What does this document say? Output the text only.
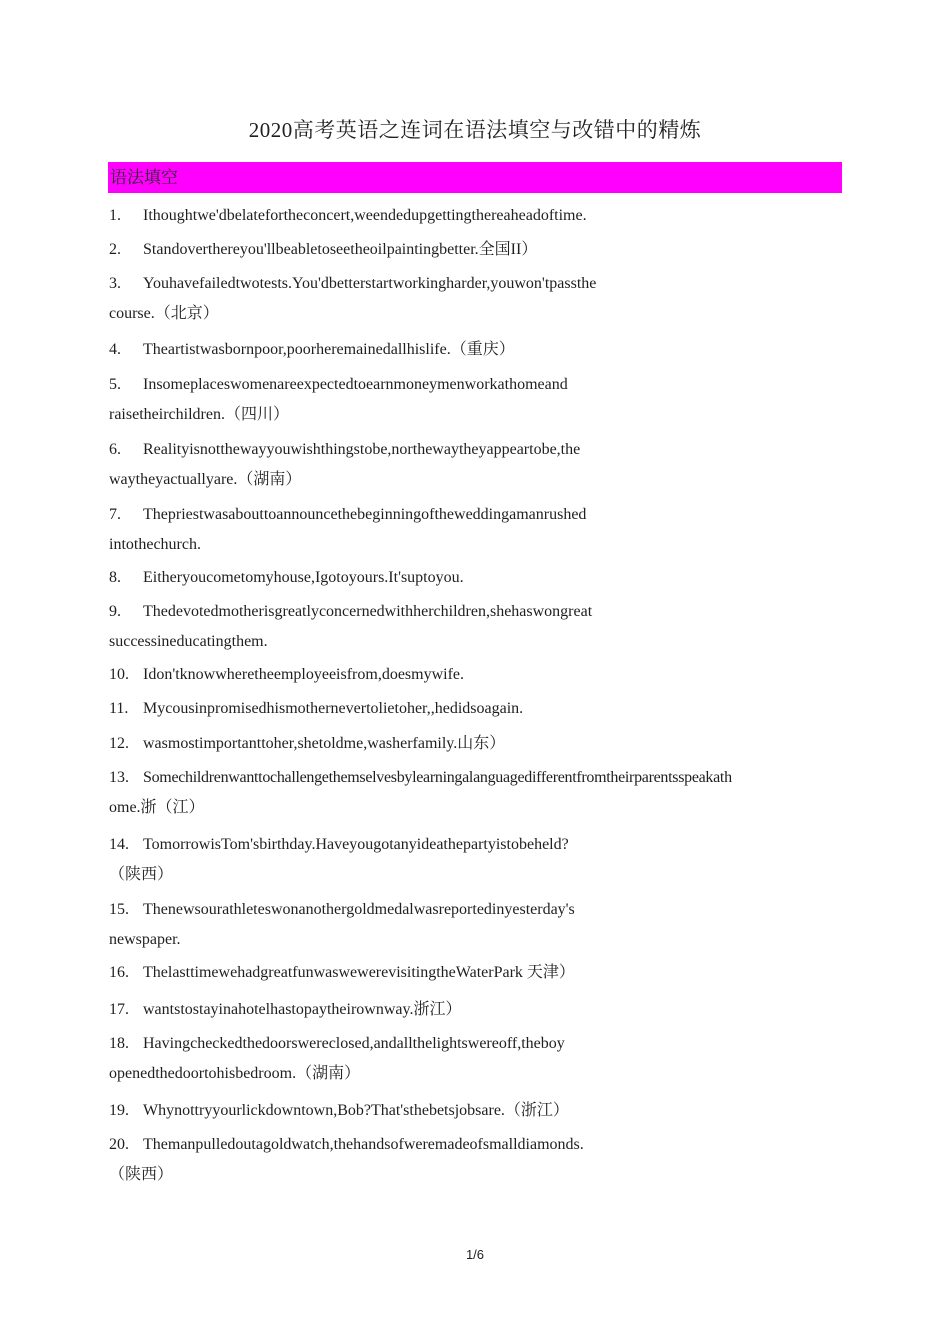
2020高考英语之连词在语法填空与改错中的精炼
语法填空
1. Ithoughtwe'dbelatefortheconcert,weendedupgettingthereaheadoftime.
2. Standoverthereyou'llbeabletoseetheoilpaintingbetter.全国II）
3. Youhavefailedtwotests.You'dbetterstartworkingharder,youwon'tpassthe
course.（北京）
4. Theartistwasbornpoor,poorheremainedallhislife.（重庆）
5. Insomeplaceswomenareexpectedtoearnmoneymenworkathomeand
raisetheirchildren.（四川）
6. Realityisnotthewayyouwishthingstobe,northewaytheyappeartobe,the
waytheyactuallyare.（湖南）
7. Thepriestwasabouttoannouncethebeginningoftheweddingamanrushed
intothechurch.
8. Eitheryoucometomyhouse,Igotoyours.It'suptoyou.
9. Thedevotedmotherisgreatlyconcernedwithherchildren,shehaswongreat
successineducatingthem.
10. Idon'tknowwheretheemployeeisfrom,doesmywife.
11. Mycousinpromisedhismothernevertolietoher,,hedidsoagain.
12. wasmostimportanttoher,shetoldme,washerfamily.山东）
13. Somechildrenwanttochallengethemselvesbylearningalanguagedifferentfromtheirparentsspeakath
ome.浙（江）
14. TomorrowisTom'sbirthday.Haveyougotanyideathepartyistobeheld?
（陕西）
15. Thenewsourathleteswonanothergoldmedalwasreportedinyesterday's
newspaper.
16. ThelasttimewehadgreatfunwaswewerevisitingtheWaterPark 天津）
17. wantstostayinahotelhastopaytheirownway.浙江）
18. Havingcheckedthedoorswereclosed,andallthelightswereoff,theboy
openedthedoortohisbedroom.（湖南）
19. Whynottryyourlickdowntown,Bob?That'sthebetsjobsare.（浙江）
20. Themanpulledoutagoldwatch,thehandsofweremadeofsmalldiamonds.
（陕西）
1/6
